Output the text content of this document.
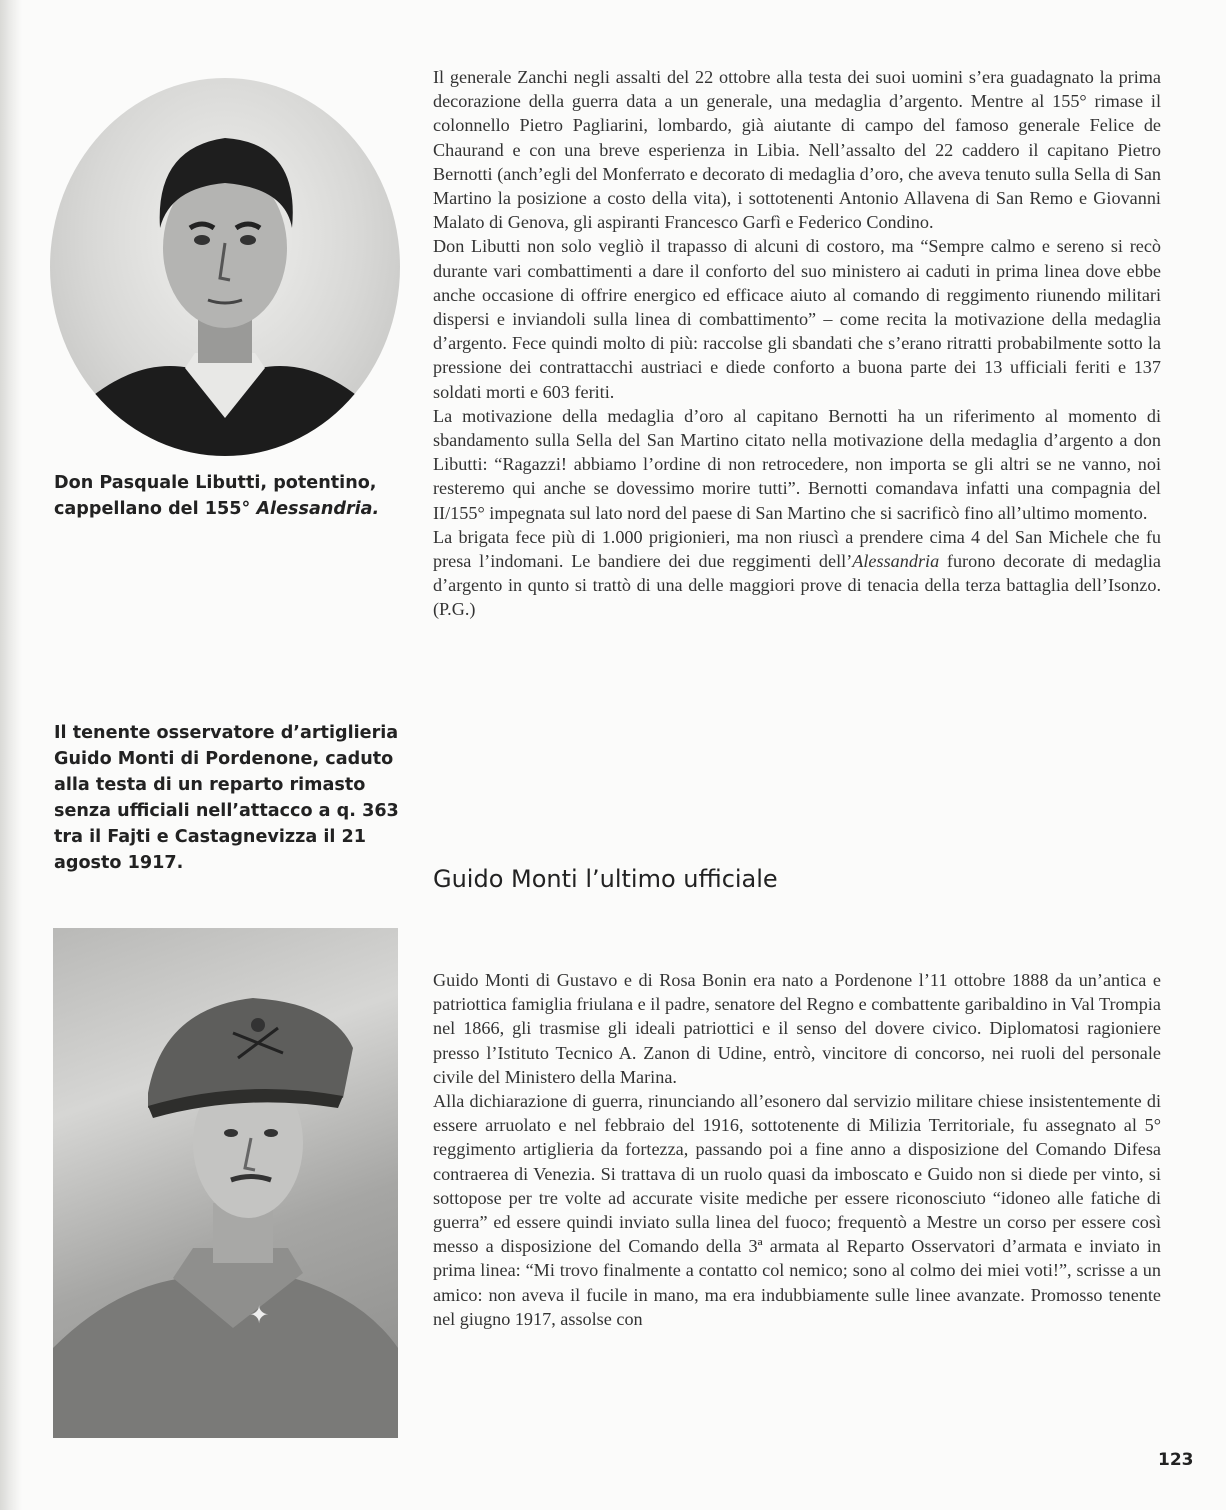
Don Pasquale Libutti, potentino, cappellano del 155° Alessandria.
Il tenente osservatore d’artiglieria Guido Monti di Pordenone, caduto alla testa di un reparto rimasto senza ufficiali nell’attacco a q. 363 tra il Fajti e Castagnevizza il 21 agosto 1917.
✦

Il generale Zanchi negli assalti del 22 ottobre alla testa dei suoi uomini s’era guadagnato la prima decorazione della guerra data a un generale, una medaglia d’argento. Mentre al 155° rimase il colonnello Pietro Pagliarini, lombardo, già aiutante di campo del famoso generale Felice de Chaurand e con una breve esperienza in Libia. Nell’assalto del 22 caddero il capitano Pietro Bernotti (anch’egli del Monferrato e decorato di medaglia d’oro, che aveva tenuto sulla Sella di San Martino la posizione a costo della vita), i sottotenenti Antonio Allavena di San Remo e Giovanni Malato di Genova, gli aspiranti Francesco Garfì e Federico Condino.

Don Libutti non solo vegliò il trapasso di alcuni di costoro, ma “Sempre calmo e sereno si recò durante vari combattimenti a dare il conforto del suo ministero ai caduti in prima linea dove ebbe anche occasione di offrire energico ed efficace aiuto al comando di reggimento riunendo militari dispersi e inviandoli sulla linea di combattimento” – come recita la motivazione della medaglia d’argento. Fece quindi molto di più: raccolse gli sbandati che s’erano ritratti probabilmente sotto la pressione dei contrattacchi austriaci e diede conforto a buona parte dei 13 ufficiali feriti e 137 soldati morti e 603 feriti.

La motivazione della medaglia d’oro al capitano Bernotti ha un riferimento al momento di sbandamento sulla Sella del San Martino citato nella motivazione della medaglia d’argento a don Libutti: “Ragazzi! abbiamo l’ordine di non retrocedere, non importa se gli altri se ne vanno, noi resteremo qui anche se dovessimo morire tutti”. Bernotti comandava infatti una compagnia del II/155° impegnata sul lato nord del paese di San Martino che si sacrificò fino all’ultimo momento.

La brigata fece più di 1.000 prigionieri, ma non riuscì a prendere cima 4 del San Michele che fu presa l’indomani. Le bandiere dei due reggimenti dell’Alessandria furono decorate di medaglia d’argento in qunto si trattò di una delle maggiori prove di tenacia della terza battaglia dell’Isonzo. (P.G.)

Guido Monti l’ultimo ufficiale

Guido Monti di Gustavo e di Rosa Bonin era nato a Pordenone l’11 ottobre 1888 da un’antica e patriottica famiglia friulana e il padre, senatore del Regno e combattente garibaldino in Val Trompia nel 1866, gli trasmise gli ideali patriottici e il senso del dovere civico. Diplomatosi ragioniere presso l’Istituto Tecnico A. Zanon di Udine, entrò, vincitore di concorso, nei ruoli del personale civile del Ministero della Marina.

Alla dichiarazione di guerra, rinunciando all’esonero dal servizio militare chiese insistentemente di essere arruolato e nel febbraio del 1916, sottotenente di Milizia Territoriale, fu assegnato al 5° reggimento artiglieria da fortezza, passando poi a fine anno a disposizione del Comando Difesa contraerea di Venezia. Si trattava di un ruolo quasi da imboscato e Guido non si diede per vinto, si sottopose per tre volte ad accurate visite mediche per essere riconosciuto “idoneo alle fatiche di guerra” ed essere quindi inviato sulla linea del fuoco; frequentò a Mestre un corso per essere così messo a disposizione del Comando della 3ª armata al Reparto Osservatori d’armata e inviato in prima linea: “Mi trovo finalmente a contatto col nemico; sono al colmo dei miei voti!”, scrisse a un amico: non aveva il fucile in mano, ma era indubbiamente sulle linee avanzate. Promosso tenente nel giugno 1917, assolse con

123
